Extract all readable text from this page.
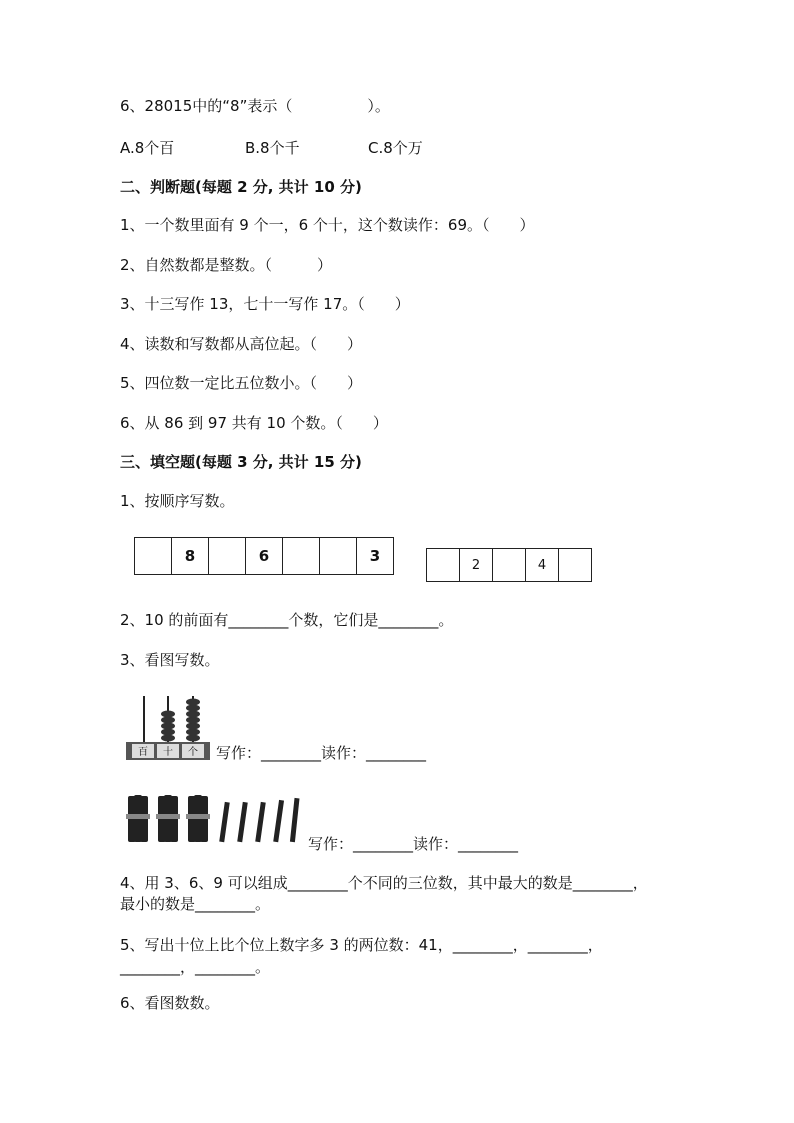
6、28015中的“8”表示（　　　　　）。
A.8个百	B.8个千	C.8个万
二、判断题(每题 2 分, 共计 10 分)
1、一个数里面有 9 个一，6 个十，这个数读作：69。（　　）
2、自然数都是整数。（　　　）
3、十三写作 13，七十一写作 17。（　　）
4、读数和写数都从高位起。（　　）
5、四位数一定比五位数小。（　　）
6、从 86 到 97 共有 10 个数。（　　）
三、填空题(每题 3 分, 共计 15 分)
1、按顺序写数。
8	6	3	2	4
2、10 的前面有________个数，它们是________。
3、看图写数。
百 十 个 写作：________读作：________
写作：________读作：________
4、用 3、6、9 可以组成________个不同的三位数，其中最大的数是________，
最小的数是________。
5、写出十位上比个位上数字多 3 的两位数：41，________，________，
________，________。
6、看图数数。
